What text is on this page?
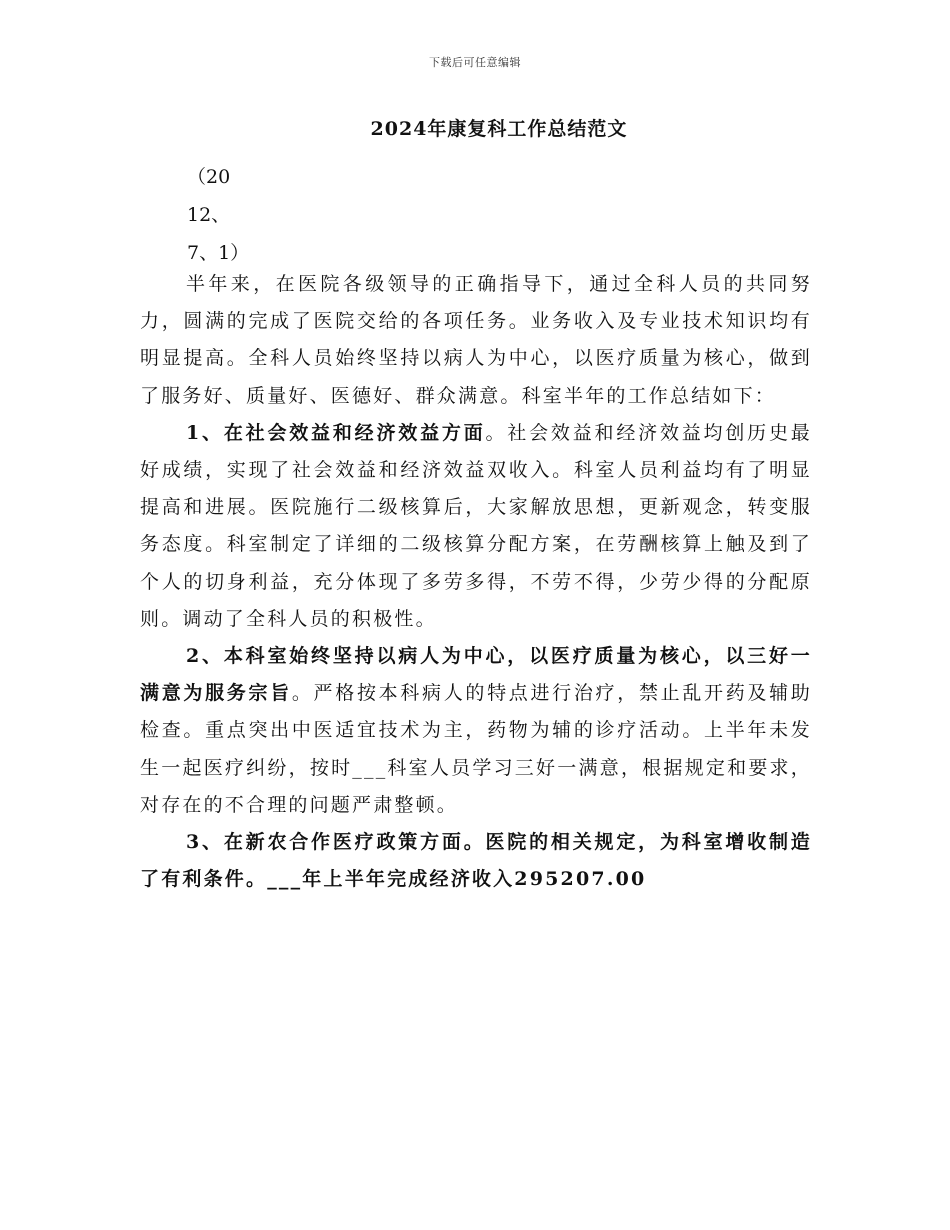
下载后可任意编辑
2024年康复科工作总结范文
（20
12、
7、1）

半年来，在医院各级领导的正确指导下，通过全科人员的共同努力，圆满的完成了医院交给的各项任务。业务收入及专业技术知识均有明显提高。全科人员始终坚持以病人为中心，以医疗质量为核心，做到了服务好、质量好、医德好、群众满意。科室半年的工作总结如下：

1、在社会效益和经济效益方面。社会效益和经济效益均创历史最好成绩，实现了社会效益和经济效益双收入。科室人员利益均有了明显提高和进展。医院施行二级核算后，大家解放思想，更新观念，转变服务态度。科室制定了详细的二级核算分配方案，在劳酬核算上触及到了个人的切身利益，充分体现了多劳多得，不劳不得，少劳少得的分配原则。调动了全科人员的积极性。

2、本科室始终坚持以病人为中心，以医疗质量为核心，以三好一满意为服务宗旨。严格按本科病人的特点进行治疗，禁止乱开药及辅助检查。重点突出中医适宜技术为主，药物为辅的诊疗活动。上半年未发生一起医疗纠纷，按时___科室人员学习三好一满意，根据规定和要求，对存在的不合理的问题严肃整顿。

3、在新农合作医疗政策方面。医院的相关规定，为科室增收制造了有利条件。___年上半年完成经济收入295207.00
